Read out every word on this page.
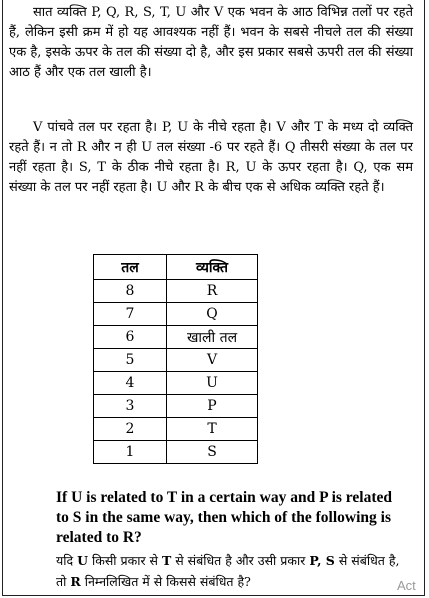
सात व्यक्ति P, Q, R, S, T, U और V एक भवन के आठ विभिन्न तलों पर रहते हैं, लेकिन इसी क्रम में हो यह आवश्यक नहीं हैं। भवन के सबसे नीचले तल की संख्या एक है, इसके ऊपर के तल की संख्या दो है, और इस प्रकार सबसे ऊपरी तल की संख्या आठ हैं और एक तल खाली है।

V पांचवे तल पर रहता है। P, U के नीचे रहता है। V और T के मध्य दो व्यक्ति रहते हैं। न तो R और न ही U तल संख्या -6 पर रहते हैं। Q तीसरी संख्या के तल पर नहीं रहता है। S, T के ठीक नीचे रहता है। R, U के ऊपर रहता है। Q, एक सम संख्या के तल पर नहीं रहता है। U और R के बीच एक से अधिक व्यक्ति रहते हैं।

तल	व्यक्ति
8	R
7	Q
6	खाली तल
5	V
4	U
3	P
2	T
1	S

If U is related to T in a certain way and P is related to S in the same way, then which of the following is related to R?

यदि U किसी प्रकार से T से संबंधित है और उसी प्रकार P, S से संबंधित है, तो R निम्नलिखित में से किससे संबंधित है?	Act
